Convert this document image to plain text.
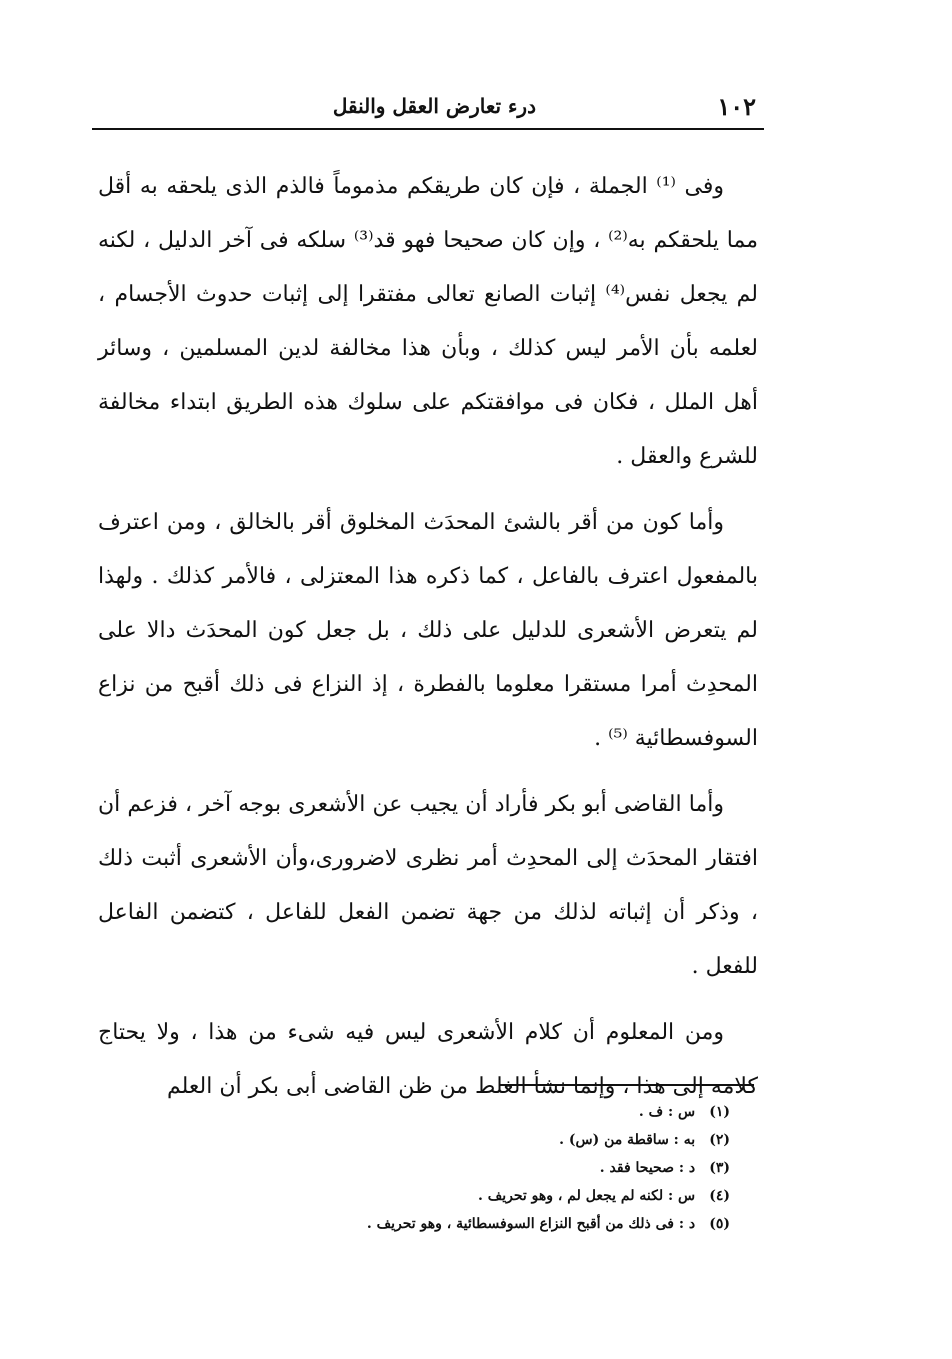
١٠٢
درء تعارض العقل والنقل

وفى ⁽¹⁾ الجملة ، فإن كان طريقكم مذموماً فالذم الذى يلحقه به أقل مما يلحقكم به⁽²⁾ ، وإن كان صحيحا فهو قد⁽³⁾ سلكه فى آخر الدليل ، لكنه لم يجعل نفس⁽⁴⁾ إثبات الصانع تعالى مفتقرا إلى إثبات حدوث الأجسام ، لعلمه بأن الأمر ليس كذلك ، وبأن هذا مخالفة لدين المسلمين ، وسائر أهل الملل ، فكان فى موافقتكم على سلوك هذه الطريق ابتداء مخالفة للشرع والعقل .

وأما كون من أقر بالشئ المحدَث المخلوق أقر بالخالق ، ومن اعترف بالمفعول اعترف بالفاعل ، كما ذكره هذا المعتزلى ، فالأمر كذلك . ولهذا لم يتعرض الأشعرى للدليل على ذلك ، بل جعل كون المحدَث دالا على المحدِث أمرا مستقرا معلوما بالفطرة ، إذ النزاع فى ذلك أقبح من نزاع السوفسطائية ⁽⁵⁾ .

وأما القاضى أبو بكر فأراد أن يجيب عن الأشعرى بوجه آخر ، فزعم أن افتقار المحدَث إلى المحدِث أمر نظرى لاضرورى،وأن الأشعرى أثبت ذلك ، وذكر أن إثباته لذلك من جهة تضمن الفعل للفاعل ، كتضمن الفاعل للفعل .

ومن المعلوم أن كلام الأشعرى ليس فيه شىء من هذا ، ولا يحتاج كلامه إلى هذا ، وإنما نشأ الغلط من ظن القاضى أبى بكر أن العلم

(١) س : ف .
(٢) به : ساقطة من (س) .
(٣) د : صحيحا فقد .
(٤) س : لكنه لم يجعل لم ، وهو تحريف .
(٥) د : فى ذلك من أقبح النزاع السوفسطائية ، وهو تحريف .
